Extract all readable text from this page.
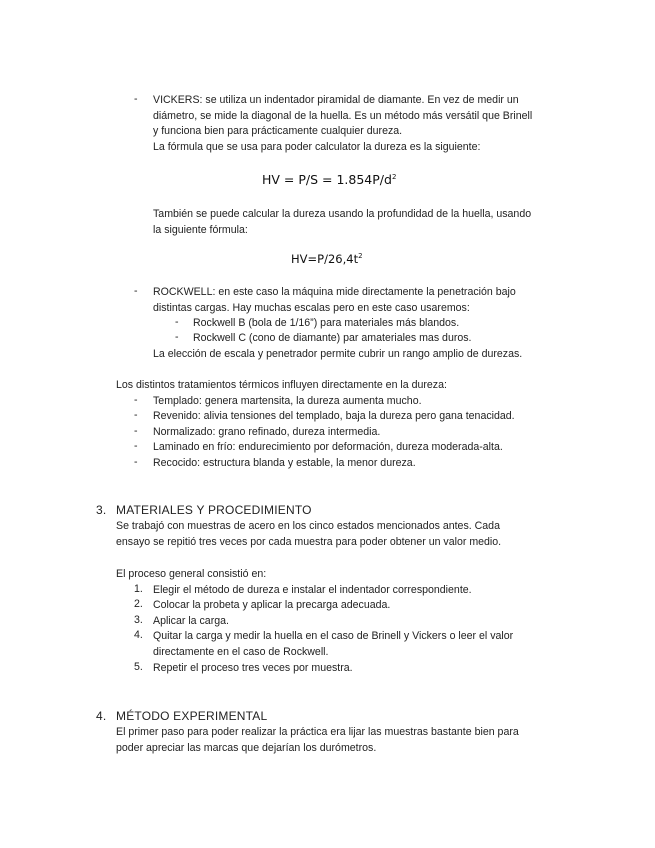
- VICKERS: se utiliza un indentador piramidal de diamante. En vez de medir un
diámetro, se mide la diagonal de la huella. Es un método más versátil que Brinell
y funciona bien para prácticamente cualquier dureza.
La fórmula que se usa para poder calculator la dureza es la siguiente:
HV = $P/S = 1.854P/d^2$
También se puede calcular la dureza usando la profundidad de la huella, usando
la siguiente fórmula:
$HV=P/26,4t^2$
- ROCKWELL: en este caso la máquina mide directamente la penetración bajo
distintas cargas. Hay muchas escalas pero en este caso usaremos:
- Rockwell B (bola de 1/16”) para materiales más blandos.
- Rockwell C (cono de diamante) par amateriales mas duros.
La elección de escala y penetrador permite cubrir un rango amplio de durezas.
Los distintos tratamientos térmicos influyen directamente en la dureza:
- Templado: genera martensita, la dureza aumenta mucho.
- Revenido: alivia tensiones del templado, baja la dureza pero gana tenacidad.
- Normalizado: grano refinado, dureza intermedia.
- Laminado en frío: endurecimiento por deformación, dureza moderada-alta.
- Recocido: estructura blanda y estable, la menor dureza.
3. MATERIALES Y PROCEDIMIENTO
Se trabajó con muestras de acero en los cinco estados mencionados antes. Cada
ensayo se repitió tres veces por cada muestra para poder obtener un valor medio.
El proceso general consistió en:
1. Elegir el método de dureza e instalar el indentador correspondiente.
2. Colocar la probeta y aplicar la precarga adecuada.
3. Aplicar la carga.
4. Quitar la carga y medir la huella en el caso de Brinell y Vickers o leer el valor
directamente en el caso de Rockwell.
5. Repetir el proceso tres veces por muestra.
4. MÉTODO EXPERIMENTAL
El primer paso para poder realizar la práctica era lijar las muestras bastante bien para
poder apreciar las marcas que dejarían los durómetros.
